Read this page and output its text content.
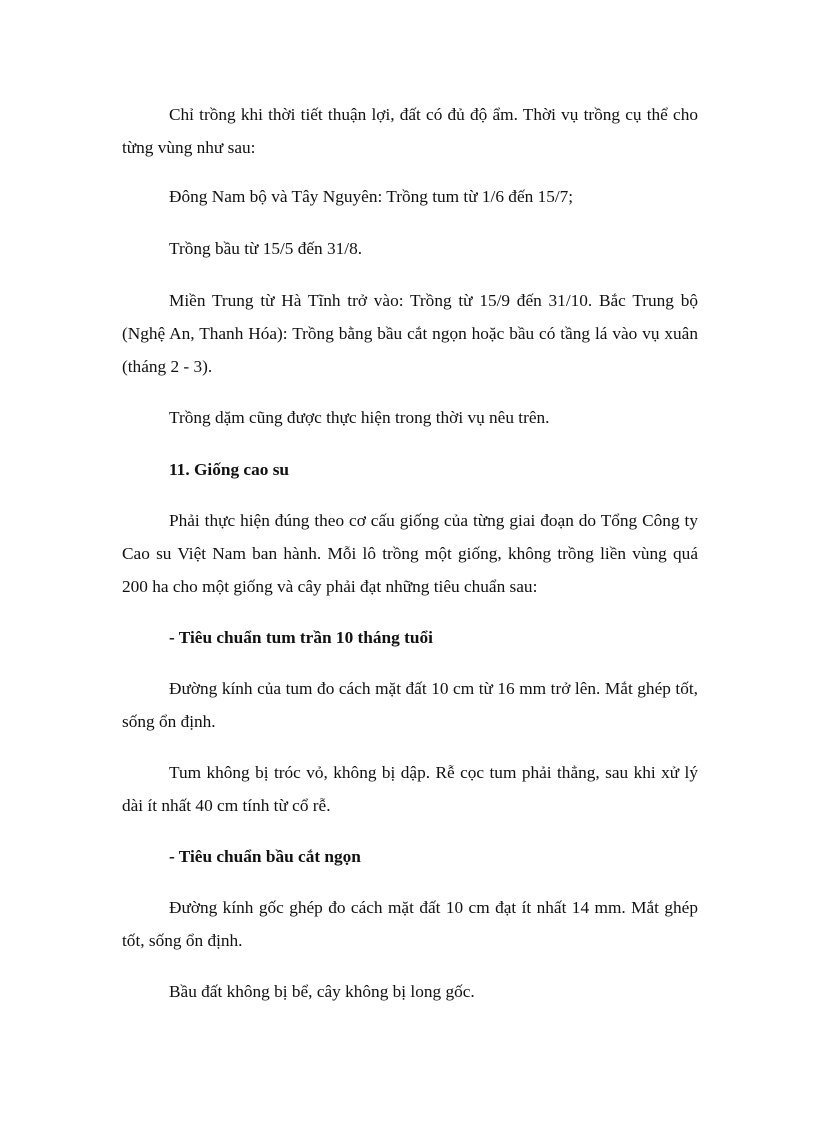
Chỉ trồng khi thời tiết thuận lợi, đất có đủ độ ẩm. Thời vụ trồng cụ thể cho từng vùng như sau:

Đông Nam bộ và Tây Nguyên: Trồng tum từ 1/6 đến 15/7;

Trồng bầu từ 15/5 đến 31/8.

Miền Trung từ Hà Tĩnh trở vào: Trồng từ 15/9 đến 31/10. Bắc Trung bộ (Nghệ An, Thanh Hóa): Trồng bằng bầu cắt ngọn hoặc bầu có tầng lá vào vụ xuân (tháng 2 - 3).

Trồng dặm cũng được thực hiện trong thời vụ nêu trên.

11. Giống cao su

Phải thực hiện đúng theo cơ cấu giống của từng giai đoạn do Tổng Công ty Cao su Việt Nam ban hành. Mỗi lô trồng một giống, không trồng liền vùng quá 200 ha cho một giống và cây phải đạt những tiêu chuẩn sau:

- Tiêu chuẩn tum trần 10 tháng tuổi

Đường kính của tum đo cách mặt đất 10 cm từ 16 mm trở lên. Mắt ghép tốt, sống ổn định.

Tum không bị tróc vỏ, không bị dập. Rễ cọc tum phải thẳng, sau khi xử lý dài ít nhất 40 cm tính từ cổ rễ.

- Tiêu chuẩn bầu cắt ngọn

Đường kính gốc ghép đo cách mặt đất 10 cm đạt ít nhất 14 mm. Mắt ghép tốt, sống ổn định.

Bầu đất không bị bể, cây không bị long gốc.
